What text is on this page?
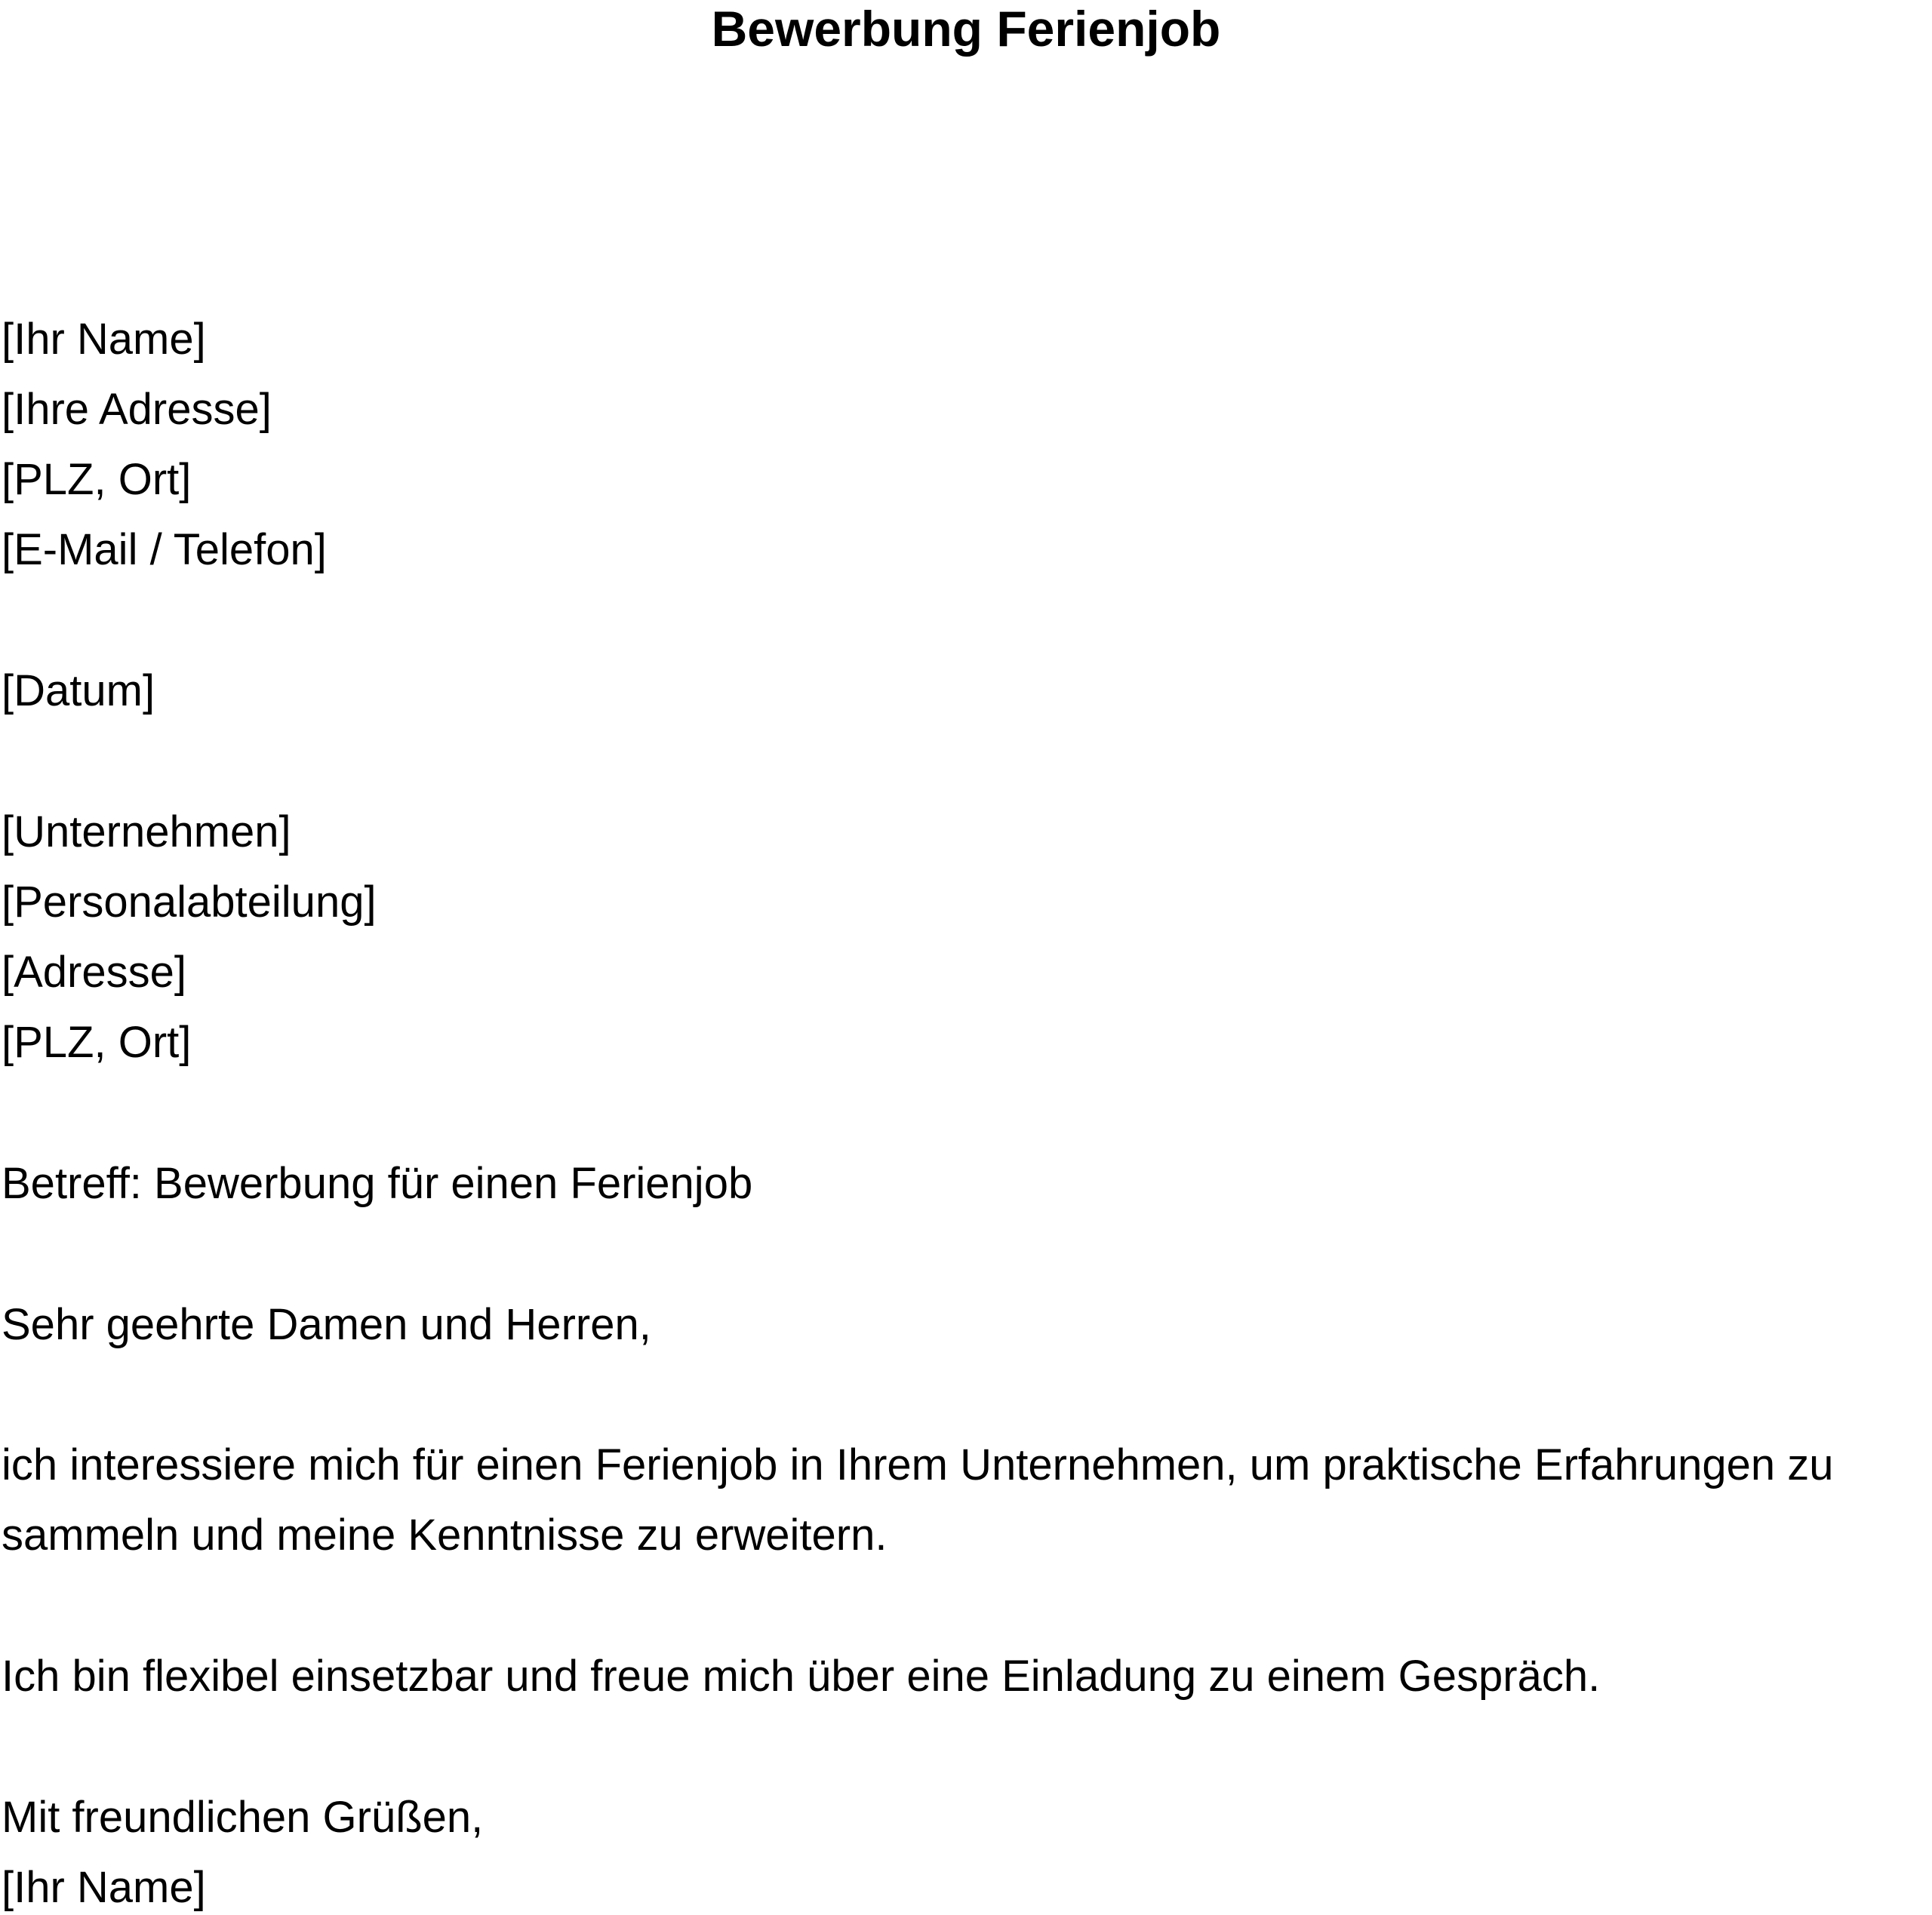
Bewerbung Ferienjob
[Ihr Name]
[Ihre Adresse]
[PLZ, Ort]
[E-Mail / Telefon]
[Datum]
[Unternehmen]
[Personalabteilung]
[Adresse]
[PLZ, Ort]
Betreff: Bewerbung für einen Ferienjob
Sehr geehrte Damen und Herren,
ich interessiere mich für einen Ferienjob in Ihrem Unternehmen, um praktische Erfahrungen zu
sammeln und meine Kenntnisse zu erweitern.
Ich bin flexibel einsetzbar und freue mich über eine Einladung zu einem Gespräch.
Mit freundlichen Grüßen,
[Ihr Name]
